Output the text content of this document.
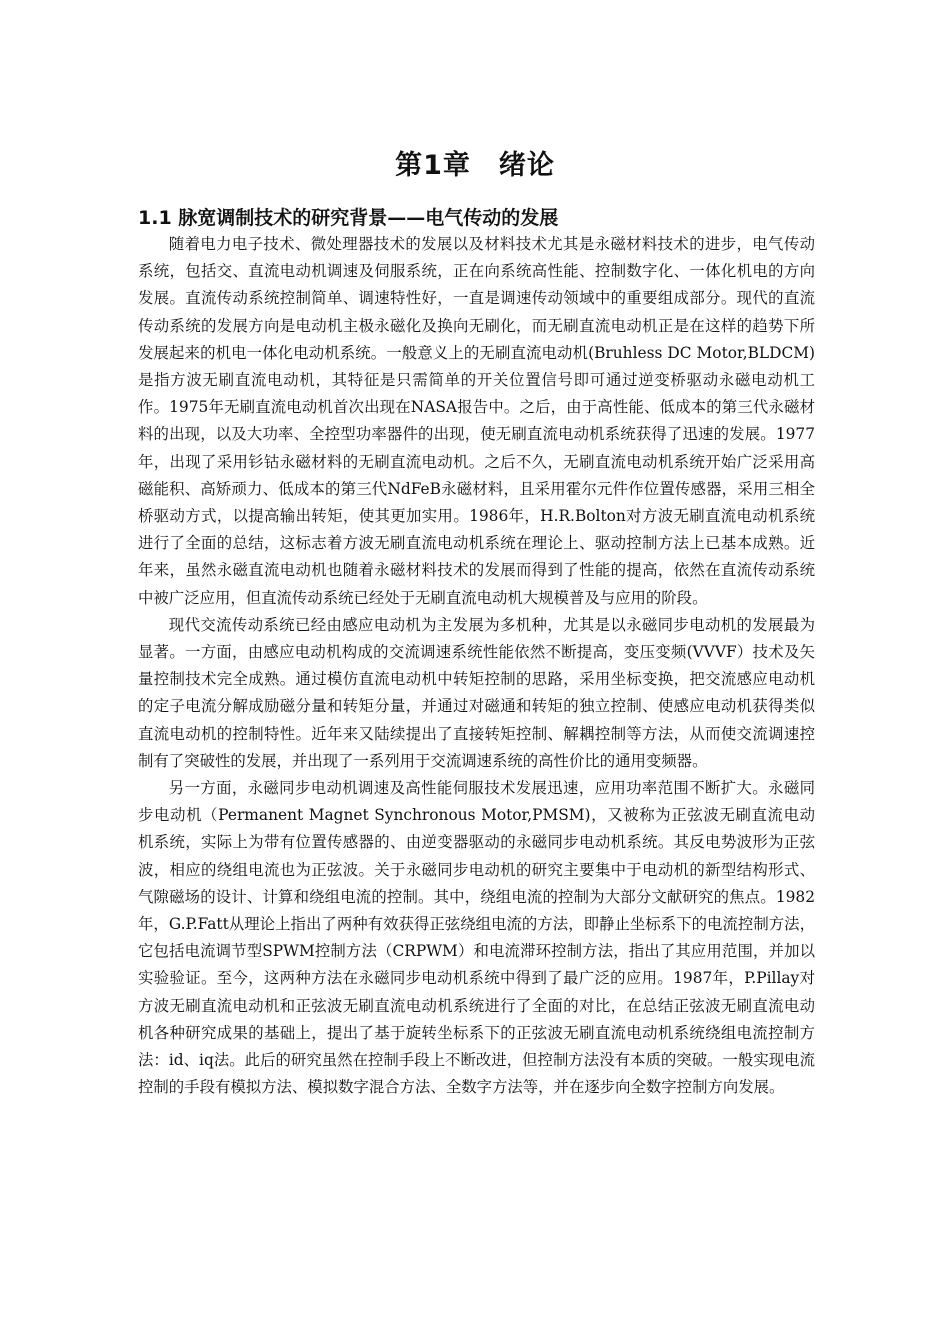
第1章　绪论
1.1 脉宽调制技术的研究背景——电气传动的发展

随着电力电子技术、微处理器技术的发展以及材料技术尤其是永磁材料技术的进步，电气传动系统，包括交、直流电动机调速及伺服系统，正在向系统高性能、控制数字化、一体化机电的方向发展。直流传动系统控制简单、调速特性好，一直是调速传动领域中的重要组成部分。现代的直流传动系统的发展方向是电动机主极永磁化及换向无刷化，而无刷直流电动机正是在这样的趋势下所发展起来的机电一体化电动机系统。一般意义上的无刷直流电动机(Bruhless DC Motor,BLDCM)是指方波无刷直流电动机，其特征是只需简单的开关位置信号即可通过逆变桥驱动永磁电动机工作。1975年无刷直流电动机首次出现在NASA报告中。之后，由于高性能、低成本的第三代永磁材料的出现，以及大功率、全控型功率器件的出现，使无刷直流电动机系统获得了迅速的发展。1977年，出现了采用钐钴永磁材料的无刷直流电动机。之后不久，无刷直流电动机系统开始广泛采用高磁能积、高矫顽力、低成本的第三代NdFeB永磁材料，且采用霍尔元件作位置传感器，采用三相全桥驱动方式，以提高输出转矩，使其更加实用。1986年，H.R.Bolton对方波无刷直流电动机系统进行了全面的总结，这标志着方波无刷直流电动机系统在理论上、驱动控制方法上已基本成熟。近年来，虽然永磁直流电动机也随着永磁材料技术的发展而得到了性能的提高，依然在直流传动系统中被广泛应用，但直流传动系统已经处于无刷直流电动机大规模普及与应用的阶段。

现代交流传动系统已经由感应电动机为主发展为多机种，尤其是以永磁同步电动机的发展最为显著。一方面，由感应电动机构成的交流调速系统性能依然不断提高，变压变频(VVVF）技术及矢量控制技术完全成熟。通过模仿直流电动机中转矩控制的思路，采用坐标变换，把交流感应电动机的定子电流分解成励磁分量和转矩分量，并通过对磁通和转矩的独立控制、使感应电动机获得类似直流电动机的控制特性。近年来又陆续提出了直接转矩控制、解耦控制等方法，从而使交流调速控制有了突破性的发展，并出现了一系列用于交流调速系统的高性价比的通用变频器。

另一方面，永磁同步电动机调速及高性能伺服技术发展迅速，应用功率范围不断扩大。永磁同步电动机（Permanent Magnet Synchronous Motor,PMSM)，又被称为正弦波无刷直流电动机系统，实际上为带有位置传感器的、由逆变器驱动的永磁同步电动机系统。其反电势波形为正弦波，相应的绕组电流也为正弦波。关于永磁同步电动机的研究主要集中于电动机的新型结构形式、气隙磁场的设计、计算和绕组电流的控制。其中，绕组电流的控制为大部分文献研究的焦点。1982年，G.P.Fatt从理论上指出了两种有效获得正弦绕组电流的方法，即静止坐标系下的电流控制方法，它包括电流调节型SPWM控制方法（CRPWM）和电流滞环控制方法，指出了其应用范围，并加以实验验证。至今，这两种方法在永磁同步电动机系统中得到了最广泛的应用。1987年，P.Pillay对方波无刷直流电动机和正弦波无刷直流电动机系统进行了全面的对比，在总结正弦波无刷直流电动机各种研究成果的基础上，提出了基于旋转坐标系下的正弦波无刷直流电动机系统绕组电流控制方法：id、iq法。此后的研究虽然在控制手段上不断改进，但控制方法没有本质的突破。一般实现电流控制的手段有模拟方法、模拟数字混合方法、全数字方法等，并在逐步向全数字控制方向发展。
